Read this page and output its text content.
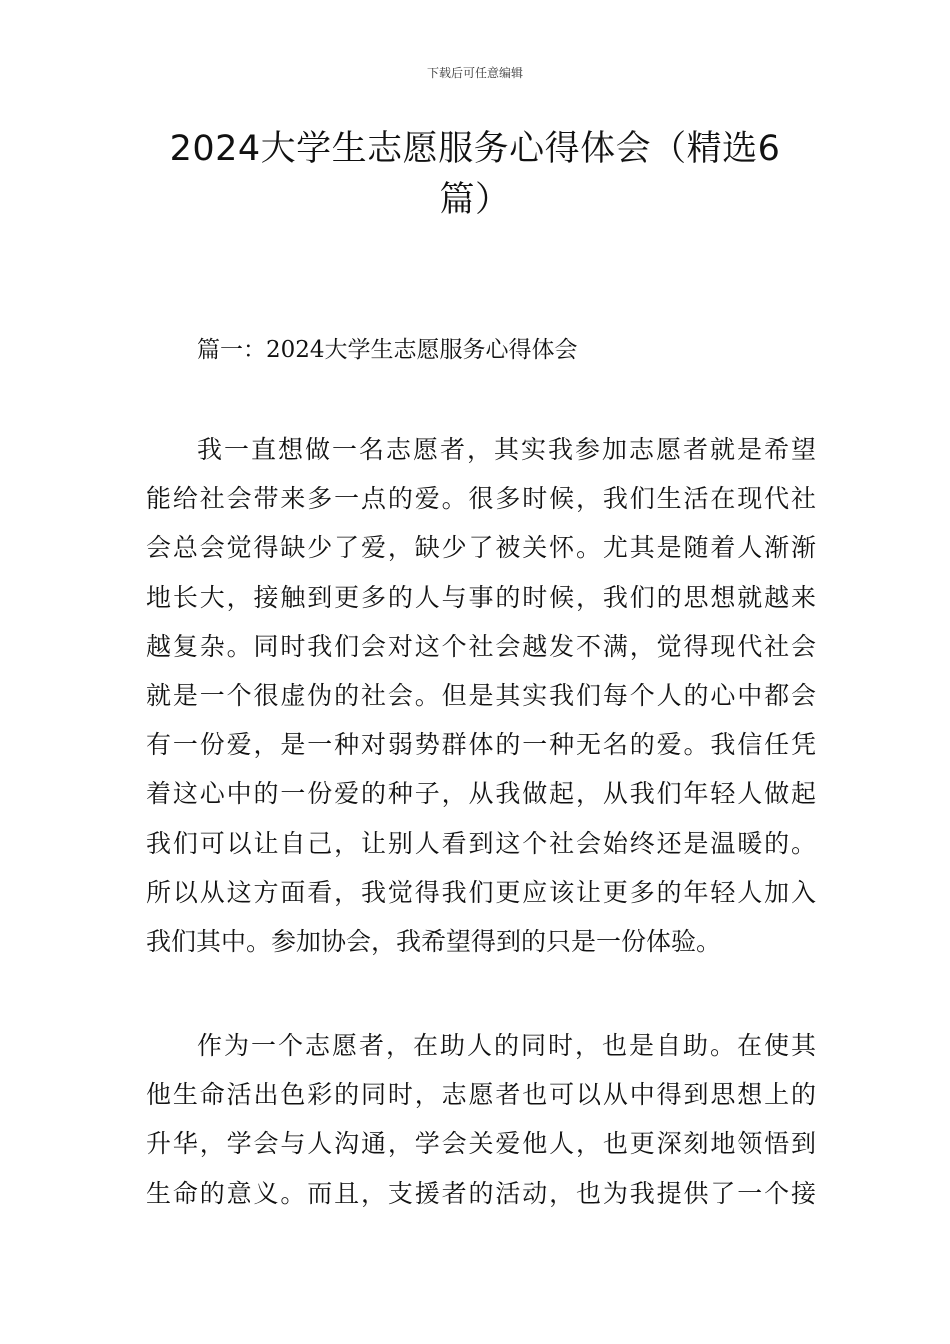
下载后可任意编辑
2024大学生志愿服务心得体会（精选6
篇）

篇一：2024大学生志愿服务心得体会

我一直想做一名志愿者，其实我参加志愿者就是希望
能给社会带来多一点的爱。很多时候，我们生活在现代社
会总会觉得缺少了爱，缺少了被关怀。尤其是随着人渐渐
地长大，接触到更多的人与事的时候，我们的思想就越来
越复杂。同时我们会对这个社会越发不满，觉得现代社会
就是一个很虚伪的社会。但是其实我们每个人的心中都会
有一份爱，是一种对弱势群体的一种无名的爱。我信任凭
着这心中的一份爱的种子，从我做起，从我们年轻人做起
我们可以让自己，让别人看到这个社会始终还是温暖的。
所以从这方面看，我觉得我们更应该让更多的年轻人加入
我们其中。参加协会，我希望得到的只是一份体验。

作为一个志愿者，在助人的同时，也是自助。在使其
他生命活出色彩的同时，志愿者也可以从中得到思想上的
升华，学会与人沟通，学会关爱他人，也更深刻地领悟到
生命的意义。而且，支援者的活动，也为我提供了一个接
